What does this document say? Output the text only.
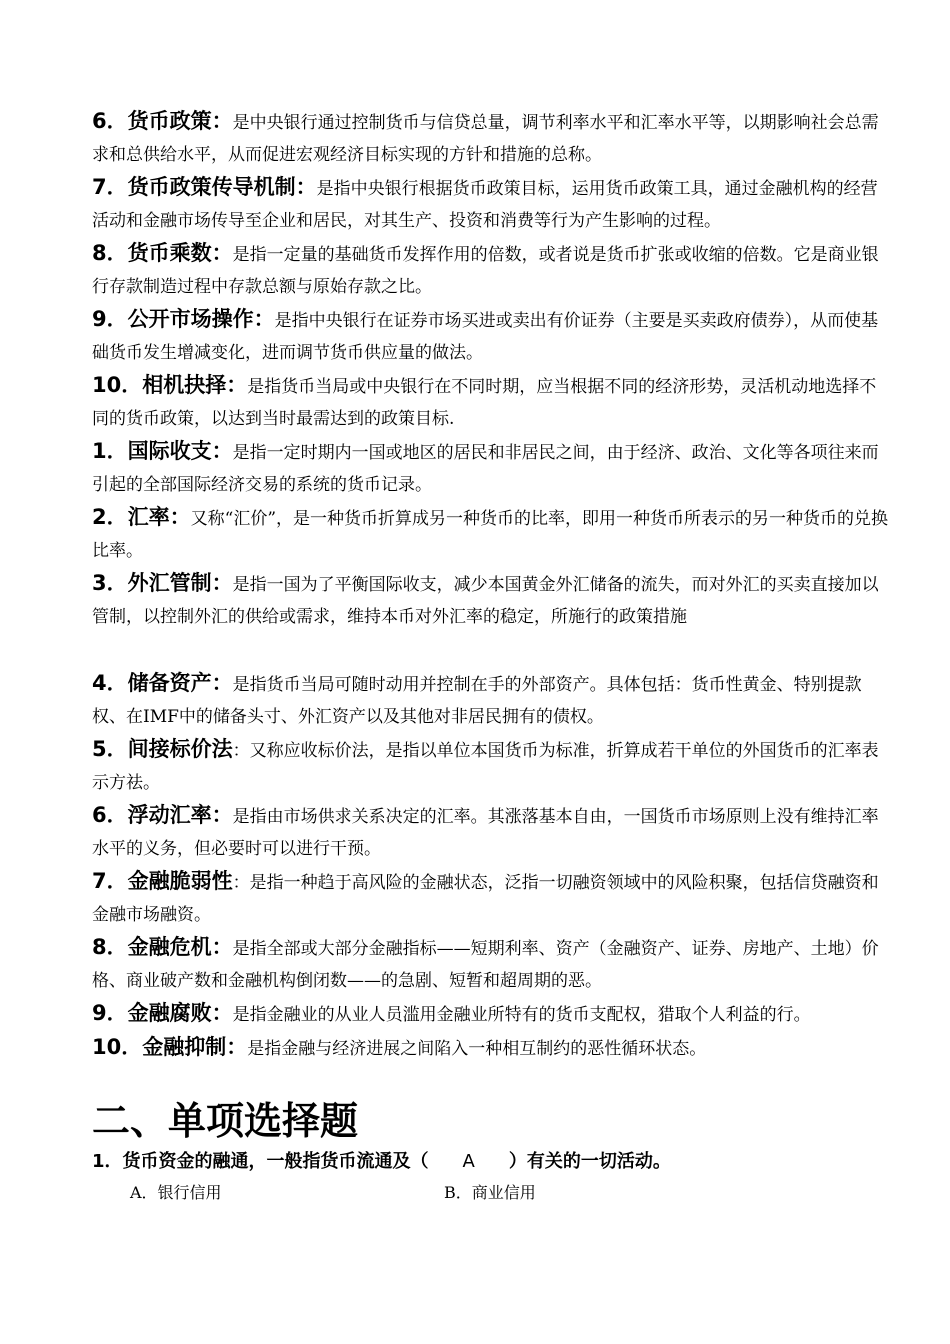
6．货币政策：是中央银行通过控制货币与信贷总量，调节利率水平和汇率水平等，以期影响社会总需求和总供给水平，从而促进宏观经济目标实现的方针和措施的总称。

7．货币政策传导机制：是指中央银行根据货币政策目标，运用货币政策工具，通过金融机构的经营活动和金融市场传导至企业和居民，对其生产、投资和消费等行为产生影响的过程。

8．货币乘数：是指一定量的基础货币发挥作用的倍数，或者说是货币扩张或收缩的倍数。它是商业银行存款制造过程中存款总额与原始存款之比。

9．公开市场操作：是指中央银行在证券市场买进或卖出有价证券（主要是买卖政府债券），从而使基础货币发生增减变化，进而调节货币供应量的做法。

10．相机抉择：是指货币当局或中央银行在不同时期，应当根据不同的经济形势，灵活机动地选择不同的货币政策，以达到当时最需达到的政策目标.

1．国际收支：是指一定时期内一国或地区的居民和非居民之间，由于经济、政治、文化等各项往来而引起的全部国际经济交易的系统的货币记录。

2．汇率：又称“汇价”，是一种货币折算成另一种货币的比率，即用一种货币所表示的另一种货币的兑换比率。

3．外汇管制：是指一国为了平衡国际收支，减少本国黄金外汇储备的流失，而对外汇的买卖直接加以管制，以控制外汇的供给或需求，维持本币对外汇率的稳定，所施行的政策措施

4．储备资产：是指货币当局可随时动用并控制在手的外部资产。具体包括：货币性黄金、特别提款权、在IMF中的储备头寸、外汇资产以及其他对非居民拥有的债权。

5．间接标价法：又称应收标价法，是指以单位本国货币为标准，折算成若干单位的外国货币的汇率表示方祛。

6．浮动汇率：是指由市场供求关系决定的汇率。其涨落基本自由，一国货币市场原则上没有维持汇率水平的义务，但必要时可以进行干预。

7．金融脆弱性：是指一种趋于高风险的金融状态，泛指一切融资领域中的风险积聚，包括信贷融资和金融市场融资。

8．金融危机：是指全部或大部分金融指标——短期利率、资产（金融资产、证券、房地产、土地）价格、商业破产数和金融机构倒闭数——的急剧、短暂和超周期的恶。

9．金融腐败：是指金融业的从业人员滥用金融业所特有的货币支配权，猎取个人利益的行。

10．金融抑制：是指金融与经济进展之间陷入一种相互制约的恶性循环状态。

二、单项选择题

1．货币资金的融通，一般指货币流通及（ A ）有关的一切活动。

A．银行信用	B．商业信用
